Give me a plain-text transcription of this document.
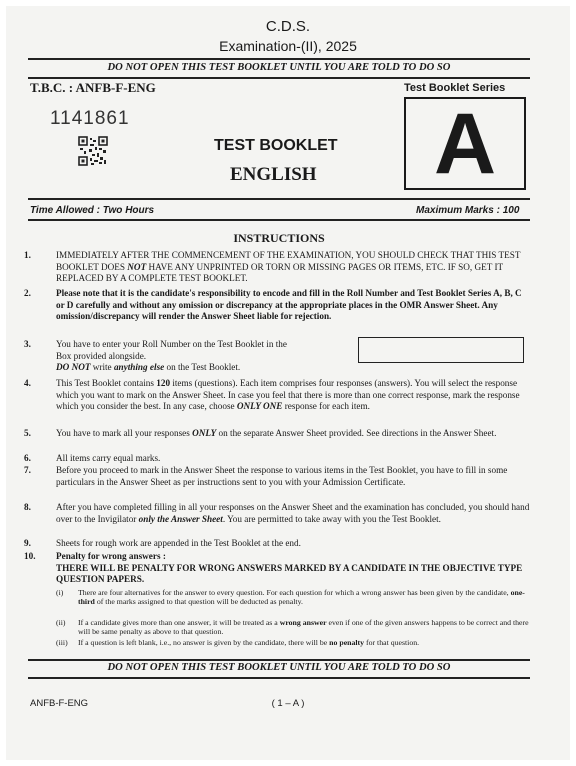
C.D.S.
Examination-(II), 2025
DO NOT OPEN THIS TEST BOOKLET UNTIL YOU ARE TOLD TO DO SO
T.B.C. : ANFB-F-ENG	Test Booklet Series
1141861
TEST BOOKLET
ENGLISH	A
Time Allowed : Two Hours	Maximum Marks : 100
INSTRUCTIONS
1.	IMMEDIATELY AFTER THE COMMENCEMENT OF THE EXAMINATION, YOU SHOULD CHECK THAT THIS TEST BOOKLET DOES NOT HAVE ANY UNPRINTED OR TORN OR MISSING PAGES OR ITEMS, ETC. IF SO, GET IT REPLACED BY A COMPLETE TEST BOOKLET.
2.	Please note that it is the candidate's responsibility to encode and fill in the Roll Number and Test Booklet Series A, B, C or D carefully and without any omission or discrepancy at the appropriate places in the OMR Answer Sheet. Any omission/discrepancy will render the Answer Sheet liable for rejection.
3.	You have to enter your Roll Number on the Test Booklet in the Box provided alongside.
DO NOT write anything else on the Test Booklet.
4.	This Test Booklet contains 120 items (questions). Each item comprises four responses (answers). You will select the response which you want to mark on the Answer Sheet. In case you feel that there is more than one correct response, mark the response which you consider the best. In any case, choose ONLY ONE response for each item.
5.	You have to mark all your responses ONLY on the separate Answer Sheet provided. See directions in the Answer Sheet.
6.	All items carry equal marks.
7.	Before you proceed to mark in the Answer Sheet the response to various items in the Test Booklet, you have to fill in some particulars in the Answer Sheet as per instructions sent to you with your Admission Certificate.
8.	After you have completed filling in all your responses on the Answer Sheet and the examination has concluded, you should hand over to the Invigilator only the Answer Sheet. You are permitted to take away with you the Test Booklet.
9.	Sheets for rough work are appended in the Test Booklet at the end.
10.	Penalty for wrong answers :
THERE WILL BE PENALTY FOR WRONG ANSWERS MARKED BY A CANDIDATE IN THE OBJECTIVE TYPE QUESTION PAPERS.
(i) There are four alternatives for the answer to every question. For each question for which a wrong answer has been given by the candidate, one-third of the marks assigned to that question will be deducted as penalty.
(ii) If a candidate gives more than one answer, it will be treated as a wrong answer even if one of the given answers happens to be correct and there will be same penalty as above to that question.
(iii) If a question is left blank, i.e., no answer is given by the candidate, there will be no penalty for that question.
DO NOT OPEN THIS TEST BOOKLET UNTIL YOU ARE TOLD TO DO SO
ANFB-F-ENG	( 1 – A )
